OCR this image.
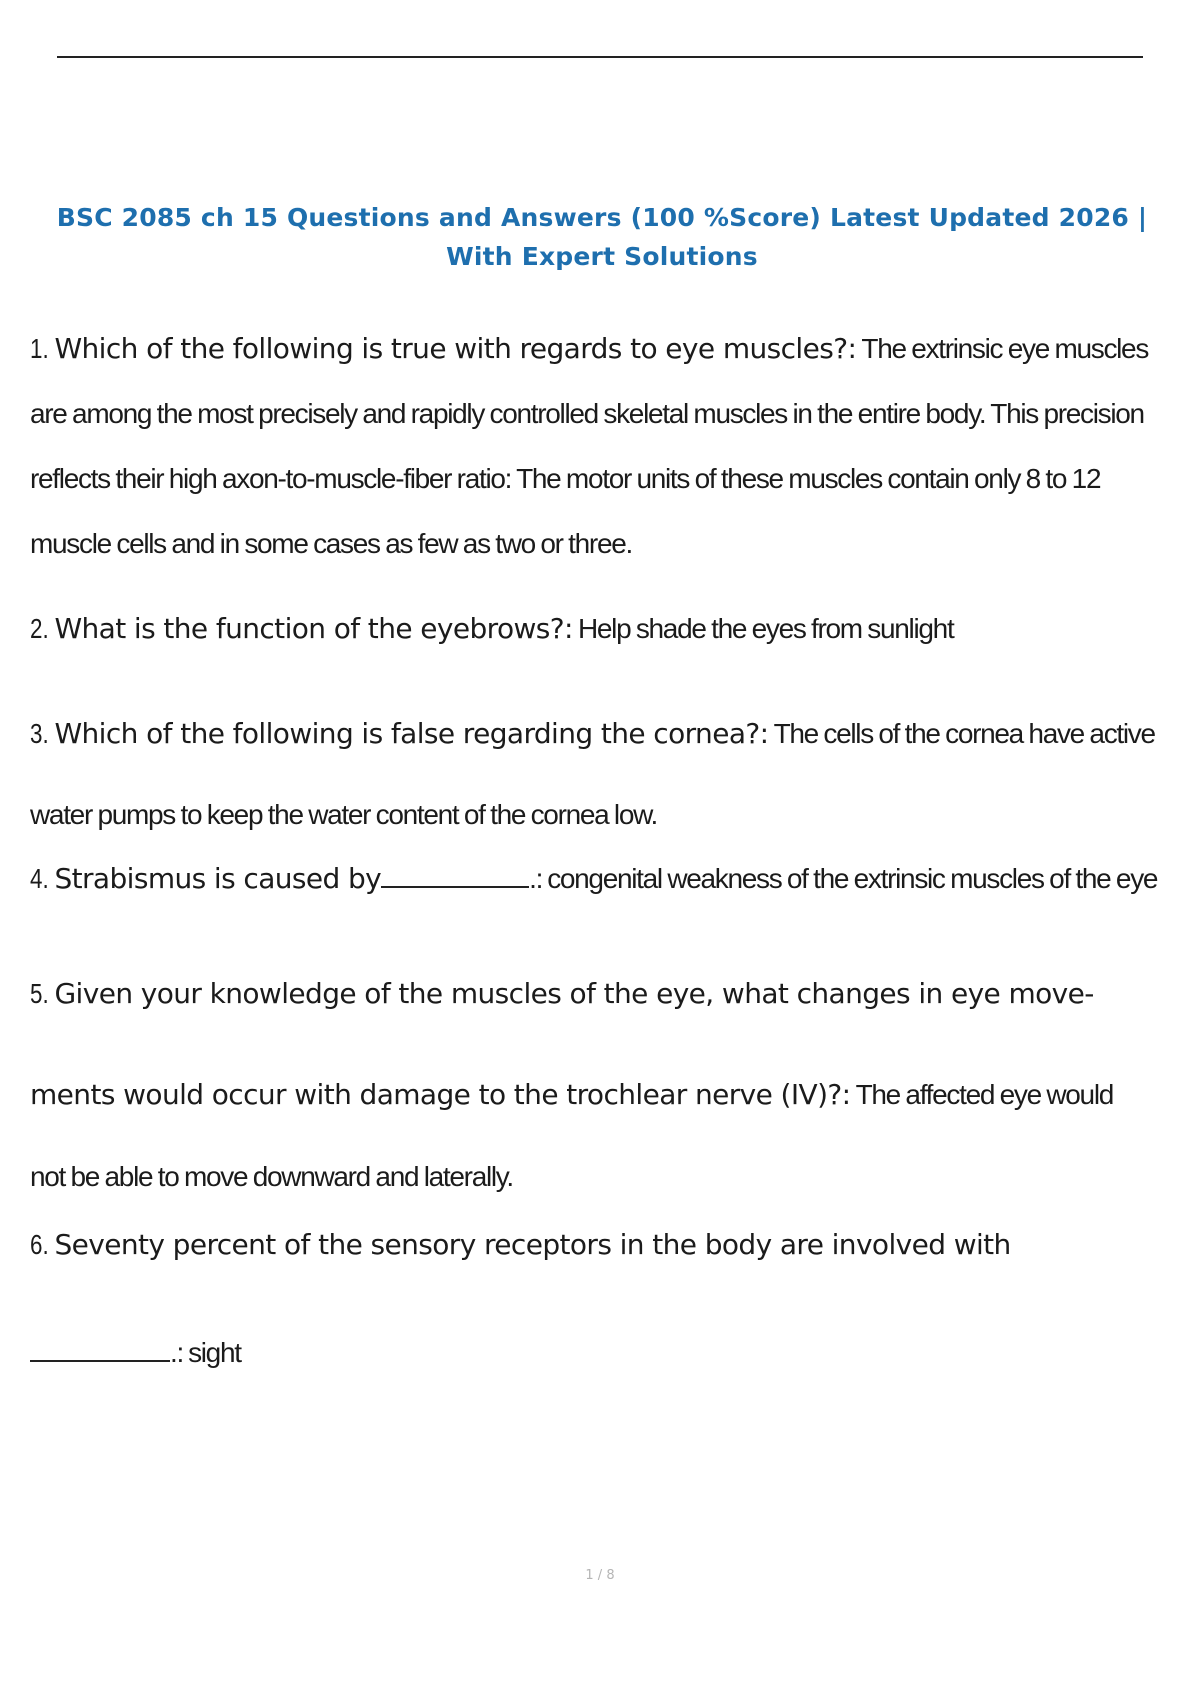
BSC 2085 ch 15 Questions and Answers (100 %Score) Latest Updated 2026 |
With Expert Solutions
1. Which of the following is true with regards to eye muscles?: The extrinsic eye muscles are among the most precisely and rapidly controlled skeletal muscles in the entire body. This precision reflects their high axon-to-muscle-fiber ratio: The motor units of these muscles contain only 8 to 12 muscle cells and in some cases as few as two or three.
2. What is the function of the eyebrows?: Help shade the eyes from sunlight
3. Which of the following is false regarding the cornea?: The cells of the cornea have active water pumps to keep the water content of the cornea low.
4. Strabismus is caused by	.: congenital weakness of the extrinsic muscles of the eye
5. Given your knowledge of the muscles of the eye, what changes in eye move-
ments would occur with damage to the trochlear nerve (IV)?: The affected eye would
not be able to move downward and laterally.
6. Seventy percent of the sensory receptors in the body are involved with
.: sight
1 / 8
